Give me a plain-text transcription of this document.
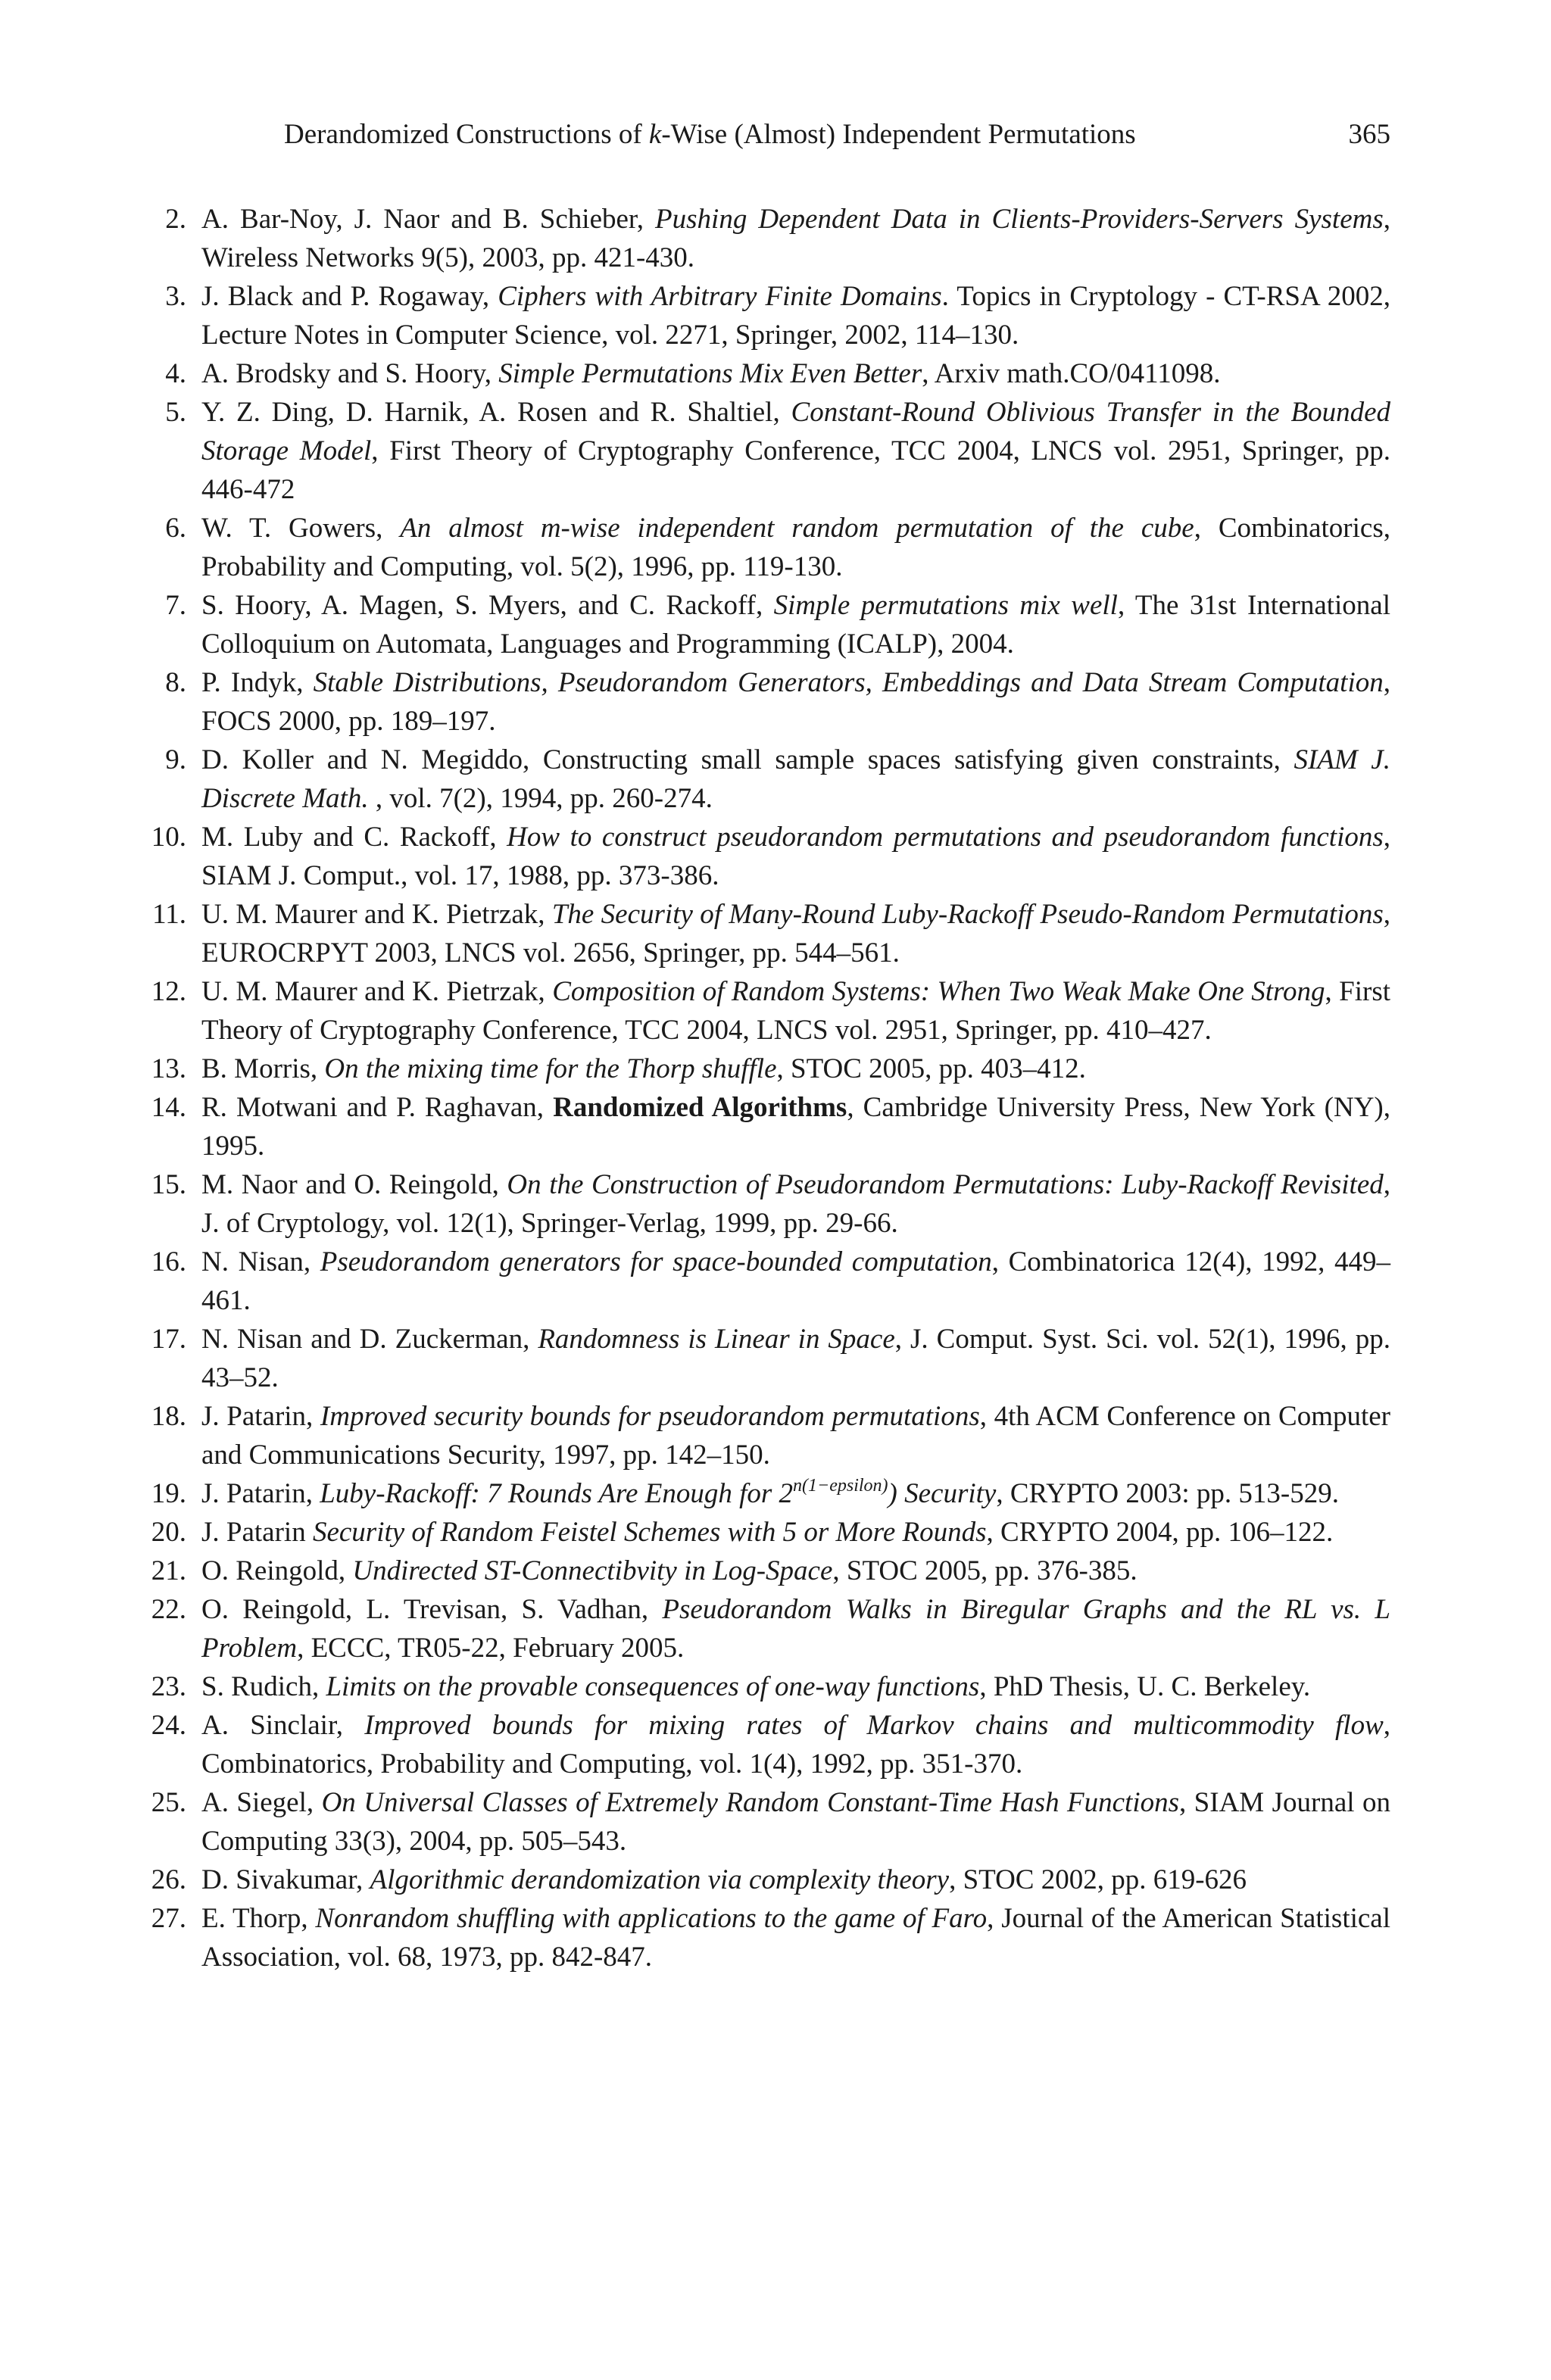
Derandomized Constructions of k-Wise (Almost) Independent Permutations	365
2. A. Bar-Noy, J. Naor and B. Schieber, Pushing Dependent Data in Clients-Providers-Servers Systems, Wireless Networks 9(5), 2003, pp. 421-430.
3. J. Black and P. Rogaway, Ciphers with Arbitrary Finite Domains. Topics in Cryptology - CT-RSA 2002, Lecture Notes in Computer Science, vol. 2271, Springer, 2002, 114–130.
4. A. Brodsky and S. Hoory, Simple Permutations Mix Even Better, Arxiv math.CO/0411098.
5. Y. Z. Ding, D. Harnik, A. Rosen and R. Shaltiel, Constant-Round Oblivious Transfer in the Bounded Storage Model, First Theory of Cryptography Conference, TCC 2004, LNCS vol. 2951, Springer, pp. 446-472
6. W. T. Gowers, An almost m-wise independent random permutation of the cube, Combinatorics, Probability and Computing, vol. 5(2), 1996, pp. 119-130.
7. S. Hoory, A. Magen, S. Myers, and C. Rackoff, Simple permutations mix well, The 31st International Colloquium on Automata, Languages and Programming (ICALP), 2004.
8. P. Indyk, Stable Distributions, Pseudorandom Generators, Embeddings and Data Stream Computation, FOCS 2000, pp. 189–197.
9. D. Koller and N. Megiddo, Constructing small sample spaces satisfying given constraints, SIAM J. Discrete Math. , vol. 7(2), 1994, pp. 260-274.
10. M. Luby and C. Rackoff, How to construct pseudorandom permutations and pseudorandom functions, SIAM J. Comput., vol. 17, 1988, pp. 373-386.
11. U. M. Maurer and K. Pietrzak, The Security of Many-Round Luby-Rackoff Pseudo-Random Permutations, EUROCRPYT 2003, LNCS vol. 2656, Springer, pp. 544–561.
12. U. M. Maurer and K. Pietrzak, Composition of Random Systems: When Two Weak Make One Strong, First Theory of Cryptography Conference, TCC 2004, LNCS vol. 2951, Springer, pp. 410–427.
13. B. Morris, On the mixing time for the Thorp shuffle, STOC 2005, pp. 403–412.
14. R. Motwani and P. Raghavan, Randomized Algorithms, Cambridge University Press, New York (NY), 1995.
15. M. Naor and O. Reingold, On the Construction of Pseudorandom Permutations: Luby-Rackoff Revisited, J. of Cryptology, vol. 12(1), Springer-Verlag, 1999, pp. 29-66.
16. N. Nisan, Pseudorandom generators for space-bounded computation, Combinatorica 12(4), 1992, 449–461.
17. N. Nisan and D. Zuckerman, Randomness is Linear in Space, J. Comput. Syst. Sci. vol. 52(1), 1996, pp. 43–52.
18. J. Patarin, Improved security bounds for pseudorandom permutations, 4th ACM Conference on Computer and Communications Security, 1997, pp. 142–150.
19. J. Patarin, Luby-Rackoff: 7 Rounds Are Enough for $2^{n(1-epsilon)}$) Security, CRYPTO 2003: pp. 513-529.
20. J. Patarin Security of Random Feistel Schemes with 5 or More Rounds, CRYPTO 2004, pp. 106–122.
21. O. Reingold, Undirected ST-Connectibvity in Log-Space, STOC 2005, pp. 376-385.
22. O. Reingold, L. Trevisan, S. Vadhan, Pseudorandom Walks in Biregular Graphs and the RL vs. L Problem, ECCC, TR05-22, February 2005.
23. S. Rudich, Limits on the provable consequences of one-way functions, PhD Thesis, U. C. Berkeley.
24. A. Sinclair, Improved bounds for mixing rates of Markov chains and multicommodity flow, Combinatorics, Probability and Computing, vol. 1(4), 1992, pp. 351-370.
25. A. Siegel, On Universal Classes of Extremely Random Constant-Time Hash Functions, SIAM Journal on Computing 33(3), 2004, pp. 505–543.
26. D. Sivakumar, Algorithmic derandomization via complexity theory, STOC 2002, pp. 619-626
27. E. Thorp, Nonrandom shuffling with applications to the game of Faro, Journal of the American Statistical Association, vol. 68, 1973, pp. 842-847.
